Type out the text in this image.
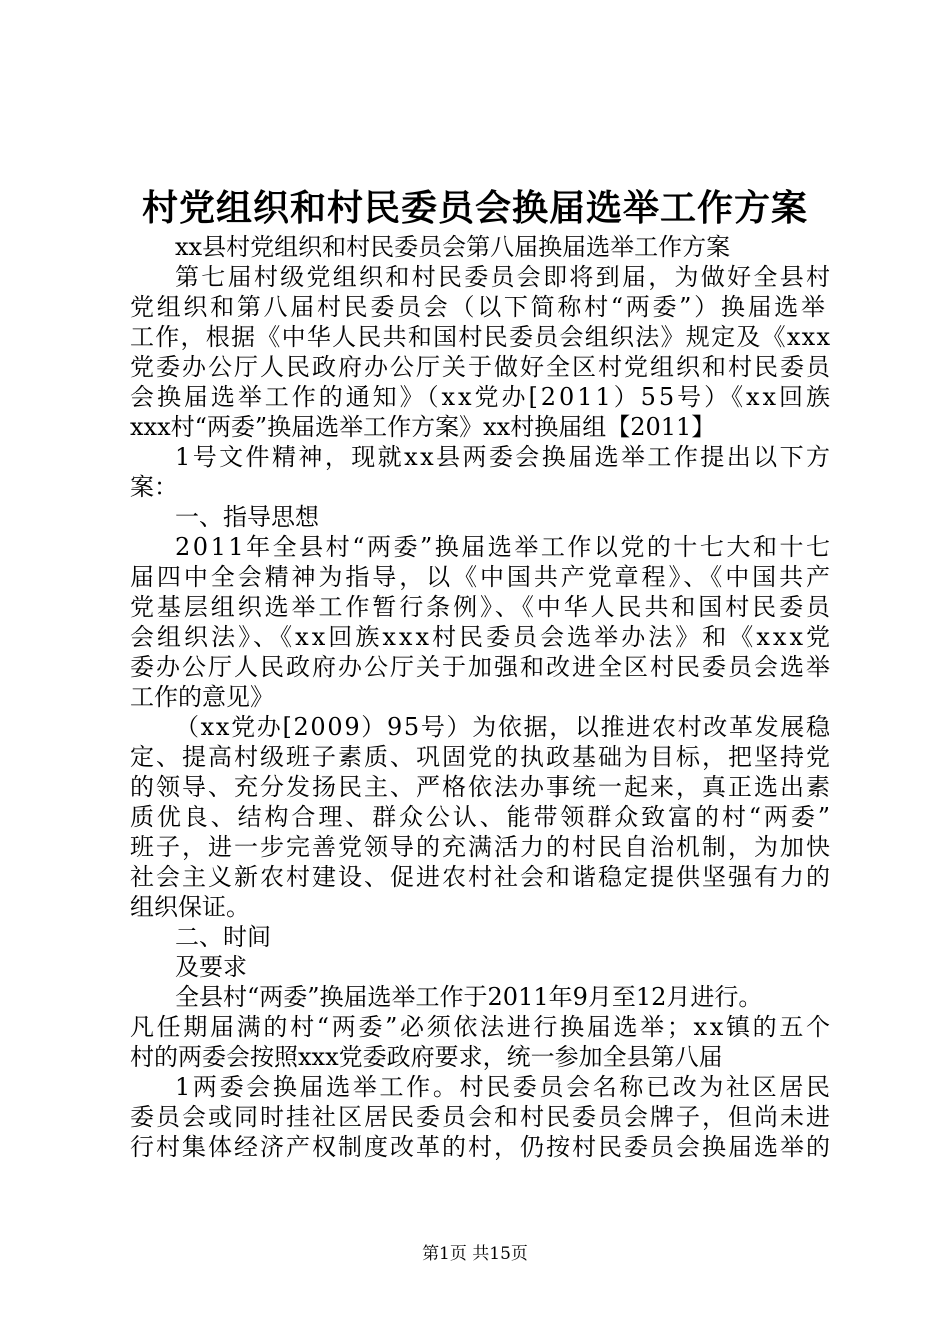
村党组织和村民委员会换届选举工作方案
xx县村党组织和村民委员会第八届换届选举工作方案
第七届村级党组织和村民委员会即将到届，为做好全县村
党组织和第八届村民委员会（以下简称村“两委”）换届选举
工作，根据《中华人民共和国村民委员会组织法》规定及《xxx
党委办公厅人民政府办公厅关于做好全区村党组织和村民委员
会换届选举工作的通知》（xx党办[2011）55号）《xx回族
xxx村“两委”换届选举工作方案》xx村换届组【2011】
1号文件精神，现就xx县两委会换届选举工作提出以下方
案：
一、指导思想
2011年全县村“两委”换届选举工作以党的十七大和十七
届四中全会精神为指导，以《中国共产党章程》、《中国共产
党基层组织选举工作暂行条例》、《中华人民共和国村民委员
会组织法》、《xx回族xxx村民委员会选举办法》和《xxx党
委办公厅人民政府办公厅关于加强和改进全区村民委员会选举
工作的意见》
（xx党办[2009）95号）为依据，以推进农村改革发展稳
定、提高村级班子素质、巩固党的执政基础为目标，把坚持党
的领导、充分发扬民主、严格依法办事统一起来，真正选出素
质优良、结构合理、群众公认、能带领群众致富的村“两委”
班子，进一步完善党领导的充满活力的村民自治机制，为加快
社会主义新农村建设、促进农村社会和谐稳定提供坚强有力的
组织保证。
二、时间
及要求
全县村“两委”换届选举工作于2011年9月至12月进行。
凡任期届满的村“两委”必须依法进行换届选举；xx镇的五个
村的两委会按照xxx党委政府要求，统一参加全县第八届
1两委会换届选举工作。村民委员会名称已改为社区居民
委员会或同时挂社区居民委员会和村民委员会牌子，但尚未进
行村集体经济产权制度改革的村，仍按村民委员会换届选举的
第1页 共15页
